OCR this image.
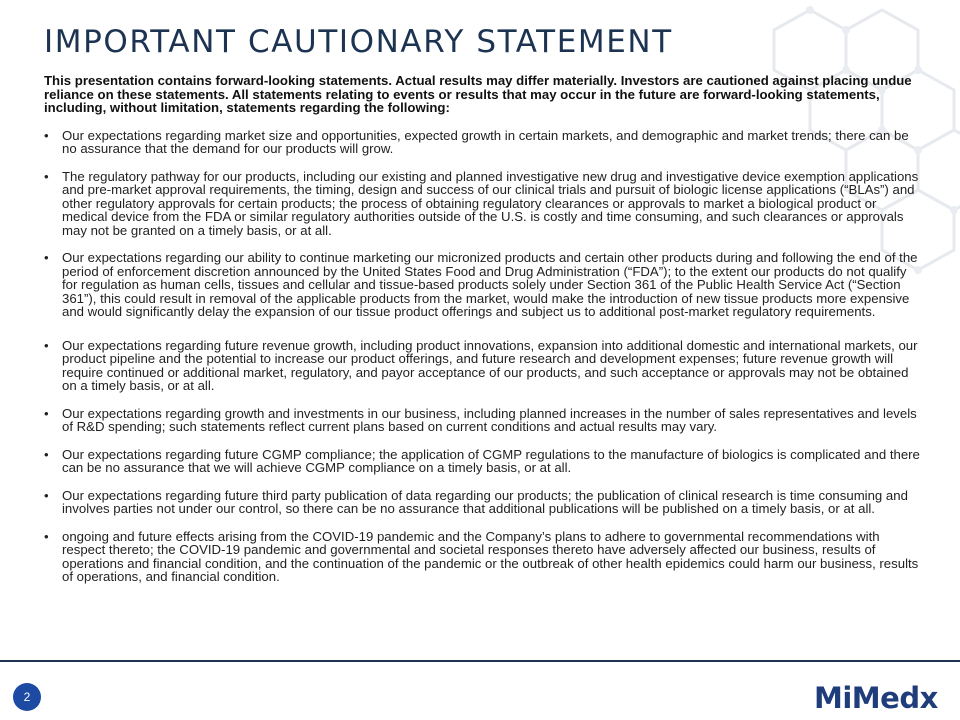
IMPORTANT CAUTIONARY STATEMENT

This presentation contains forward-looking statements. Actual results may differ materially. Investors are cautioned against placing undue reliance on these statements. All statements relating to events or results that may occur in the future are forward-looking statements, including, without limitation, statements regarding the following:

• Our expectations regarding market size and opportunities, expected growth in certain markets, and demographic and market trends; there can be no assurance that the demand for our products will grow.
• The regulatory pathway for our products, including our existing and planned investigative new drug and investigative device exemption applications and pre-market approval requirements, the timing, design and success of our clinical trials and pursuit of biologic license applications (“BLAs”) and other regulatory approvals for certain products; the process of obtaining regulatory clearances or approvals to market a biological product or medical device from the FDA or similar regulatory authorities outside of the U.S. is costly and time consuming, and such clearances or approvals may not be granted on a timely basis, or at all.
• Our expectations regarding our ability to continue marketing our micronized products and certain other products during and following the end of the period of enforcement discretion announced by the United States Food and Drug Administration (“FDA”); to the extent our products do not qualify for regulation as human cells, tissues and cellular and tissue-based products solely under Section 361 of the Public Health Service Act (“Section 361”), this could result in removal of the applicable products from the market, would make the introduction of new tissue products more expensive and would significantly delay the expansion of our tissue product offerings and subject us to additional post-market regulatory requirements.
• Our expectations regarding future revenue growth, including product innovations, expansion into additional domestic and international markets, our product pipeline and the potential to increase our product offerings, and future research and development expenses; future revenue growth will require continued or additional market, regulatory, and payor acceptance of our products, and such acceptance or approvals may not be obtained on a timely basis, or at all.
• Our expectations regarding growth and investments in our business, including planned increases in the number of sales representatives and levels of R&D spending; such statements reflect current plans based on current conditions and actual results may vary.
• Our expectations regarding future CGMP compliance; the application of CGMP regulations to the manufacture of biologics is complicated and there can be no assurance that we will achieve CGMP compliance on a timely basis, or at all.
• Our expectations regarding future third party publication of data regarding our products; the publication of clinical research is time consuming and involves parties not under our control, so there can be no assurance that additional publications will be published on a timely basis, or at all.
• ongoing and future effects arising from the COVID-19 pandemic and the Company’s plans to adhere to governmental recommendations with respect thereto; the COVID-19 pandemic and governmental and societal responses thereto have adversely affected our business, results of operations and financial condition, and the continuation of the pandemic or the outbreak of other health epidemics could harm our business, results of operations, and financial condition.
2	MiMedx
